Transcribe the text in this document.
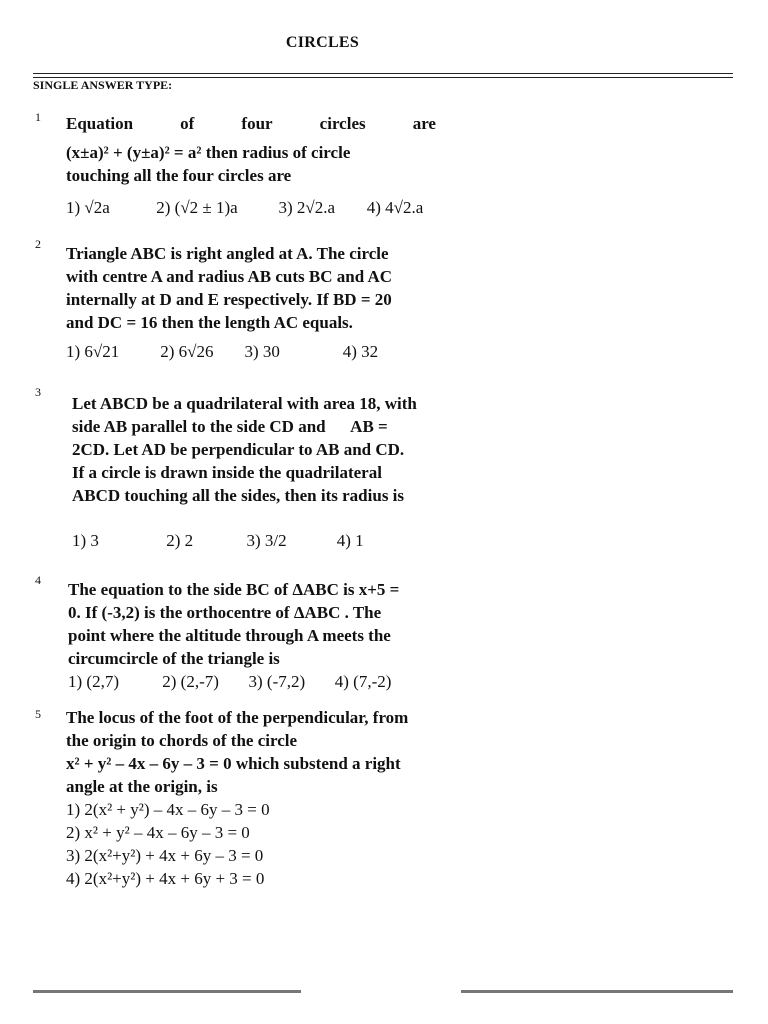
CIRCLES
SINGLE ANSWER TYPE:
1 Equation	of	four	circles	are
(x±a)² + (y±a)² = a² then radius of circle
touching all the four circles are
1) √2a	2) (√2 ± 1)a 3) 2√2.a 4) 4√2.a
2 Triangle ABC is right angled at A. The circle
with centre A and radius AB cuts BC and AC
internally at D and E respectively. If BD = 20
and DC = 16 then the length AC equals.
1) 6√21 2) 6√26 3) 30	4) 32
3
Let ABCD be a quadrilateral with area 18, with
side AB parallel to the side CD and      AB =
2CD. Let AD be perpendicular to AB and CD.
If a circle is drawn inside the quadrilateral
ABCD touching all the sides, then its radius is
1) 3	2) 2	3) 3/2	4) 1
4 The equation to the side BC of ΔABC is x+5 =
0. If (-3,2) is the orthocentre of ΔABC . The
point where the altitude through A meets the
circumcircle of the triangle is
1) (2,7)	2) (2,-7) 3) (-7,2) 4) (7,-2)
5 The locus of the foot of the perpendicular, from
the origin to chords of the circle
x² + y² – 4x – 6y – 3 = 0 which substend a right
angle at the origin, is
1) 2(x² + y²) – 4x – 6y – 3 = 0
2) x² + y² – 4x – 6y – 3 = 0
3) 2(x²+y²) + 4x + 6y – 3 = 0
4) 2(x²+y²) + 4x + 6y + 3 = 0
